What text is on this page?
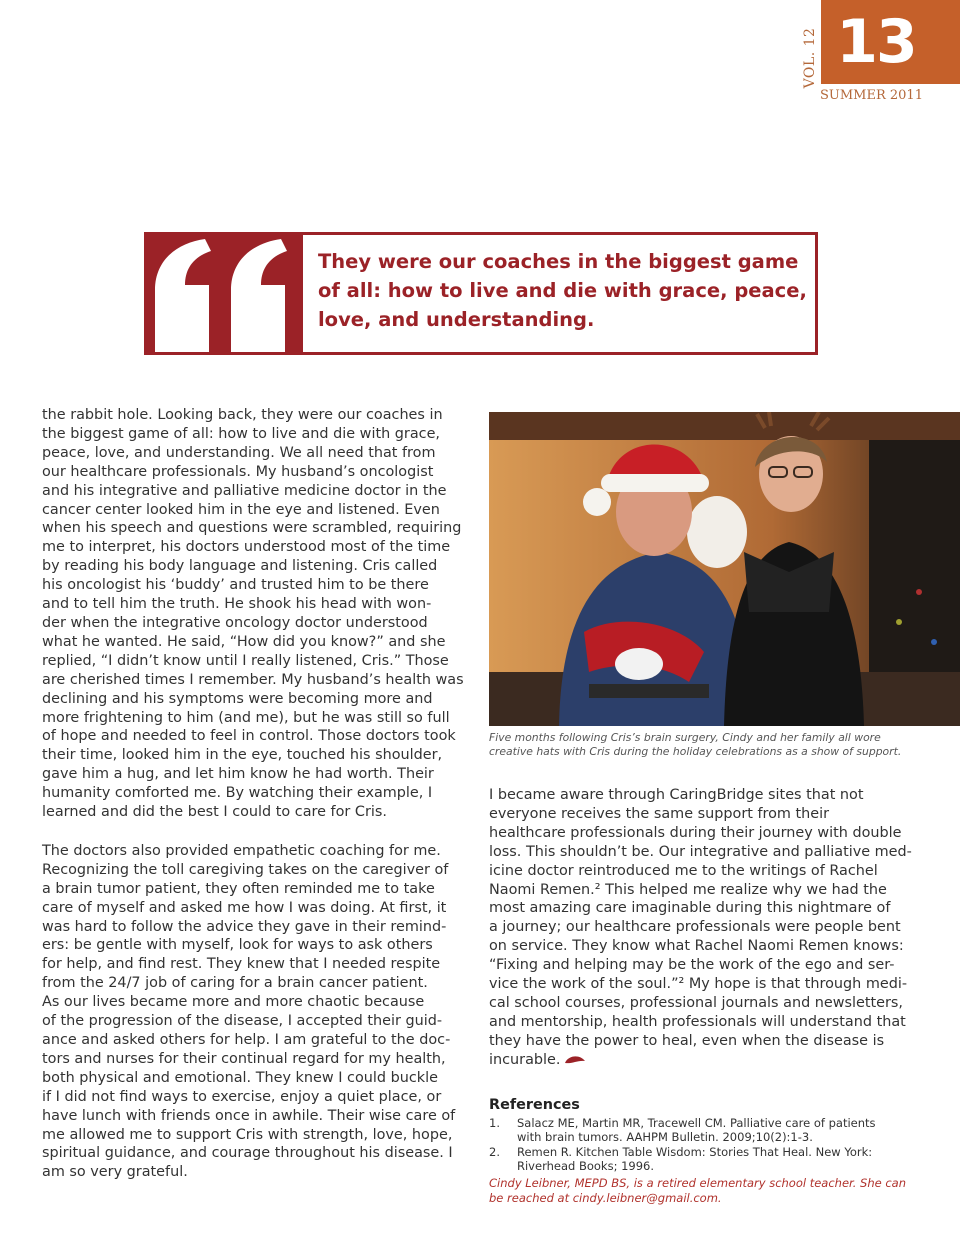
VOL. 12 13
SUMMER 2011
They were our coaches in the biggest game
of all: how to live and die with grace, peace,
love, and understanding.

the rabbit hole. Looking back, they were our coaches in
the biggest game of all: how to live and die with grace,
peace, love, and understanding. We all need that from
our healthcare professionals. My husband’s oncologist
and his integrative and palliative medicine doctor in the
cancer center looked him in the eye and listened. Even
when his speech and questions were scrambled, requiring
me to interpret, his doctors understood most of the time
by reading his body language and listening. Cris called
his oncologist his ‘buddy’ and trusted him to be there
and to tell him the truth. He shook his head with won-
der when the integrative oncology doctor understood
what he wanted. He said, “How did you know?” and she
replied, “I didn’t know until I really listened, Cris.” Those
are cherished times I remember. My husband’s health was
declining and his symptoms were becoming more and
more frightening to him (and me), but he was still so full
of hope and needed to feel in control. Those doctors took
their time, looked him in the eye, touched his shoulder,
gave him a hug, and let him know he had worth. Their
humanity comforted me. By watching their example, I
learned and did the best I could to care for Cris.

The doctors also provided empathetic coaching for me.
Recognizing the toll caregiving takes on the caregiver of
a brain tumor patient, they often reminded me to take
care of myself and asked me how I was doing. At first, it
was hard to follow the advice they gave in their remind-
ers: be gentle with myself, look for ways to ask others
for help, and find rest. They knew that I needed respite
from the 24/7 job of caring for a brain cancer patient.
As our lives became more and more chaotic because
of the progression of the disease, I accepted their guid-
ance and asked others for help. I am grateful to the doc-
tors and nurses for their continual regard for my health,
both physical and emotional. They knew I could buckle
if I did not find ways to exercise, enjoy a quiet place, or
have lunch with friends once in awhile. Their wise care of
me allowed me to support Cris with strength, love, hope,
spiritual guidance, and courage throughout his disease. I
am so very grateful.

Five months following Cris’s brain surgery, Cindy and her family all wore
creative hats with Cris during the holiday celebrations as a show of support.

I became aware through CaringBridge sites that not
everyone receives the same support from their
healthcare professionals during their journey with double
loss. This shouldn’t be. Our integrative and palliative med-
icine doctor reintroduced me to the writings of Rachel
Naomi Remen.² This helped me realize why we had the
most amazing care imaginable during this nightmare of
a journey; our healthcare professionals were people bent
on service. They know what Rachel Naomi Remen knows:
“Fixing and helping may be the work of the ego and ser-
vice the work of the soul.”² My hope is that through medi-
cal school courses, professional journals and newsletters,
and mentorship, health professionals will understand that
they have the power to heal, even when the disease is
incurable.

References
1. Salacz ME, Martin MR, Tracewell CM. Palliative care of patients
with brain tumors. AAHPM Bulletin. 2009;10(2):1-3.
2. Remen R. Kitchen Table Wisdom: Stories That Heal. New York:
Riverhead Books; 1996.
Cindy Leibner, MEPD BS, is a retired elementary school teacher. She can
be reached at cindy.leibner@gmail.com.
